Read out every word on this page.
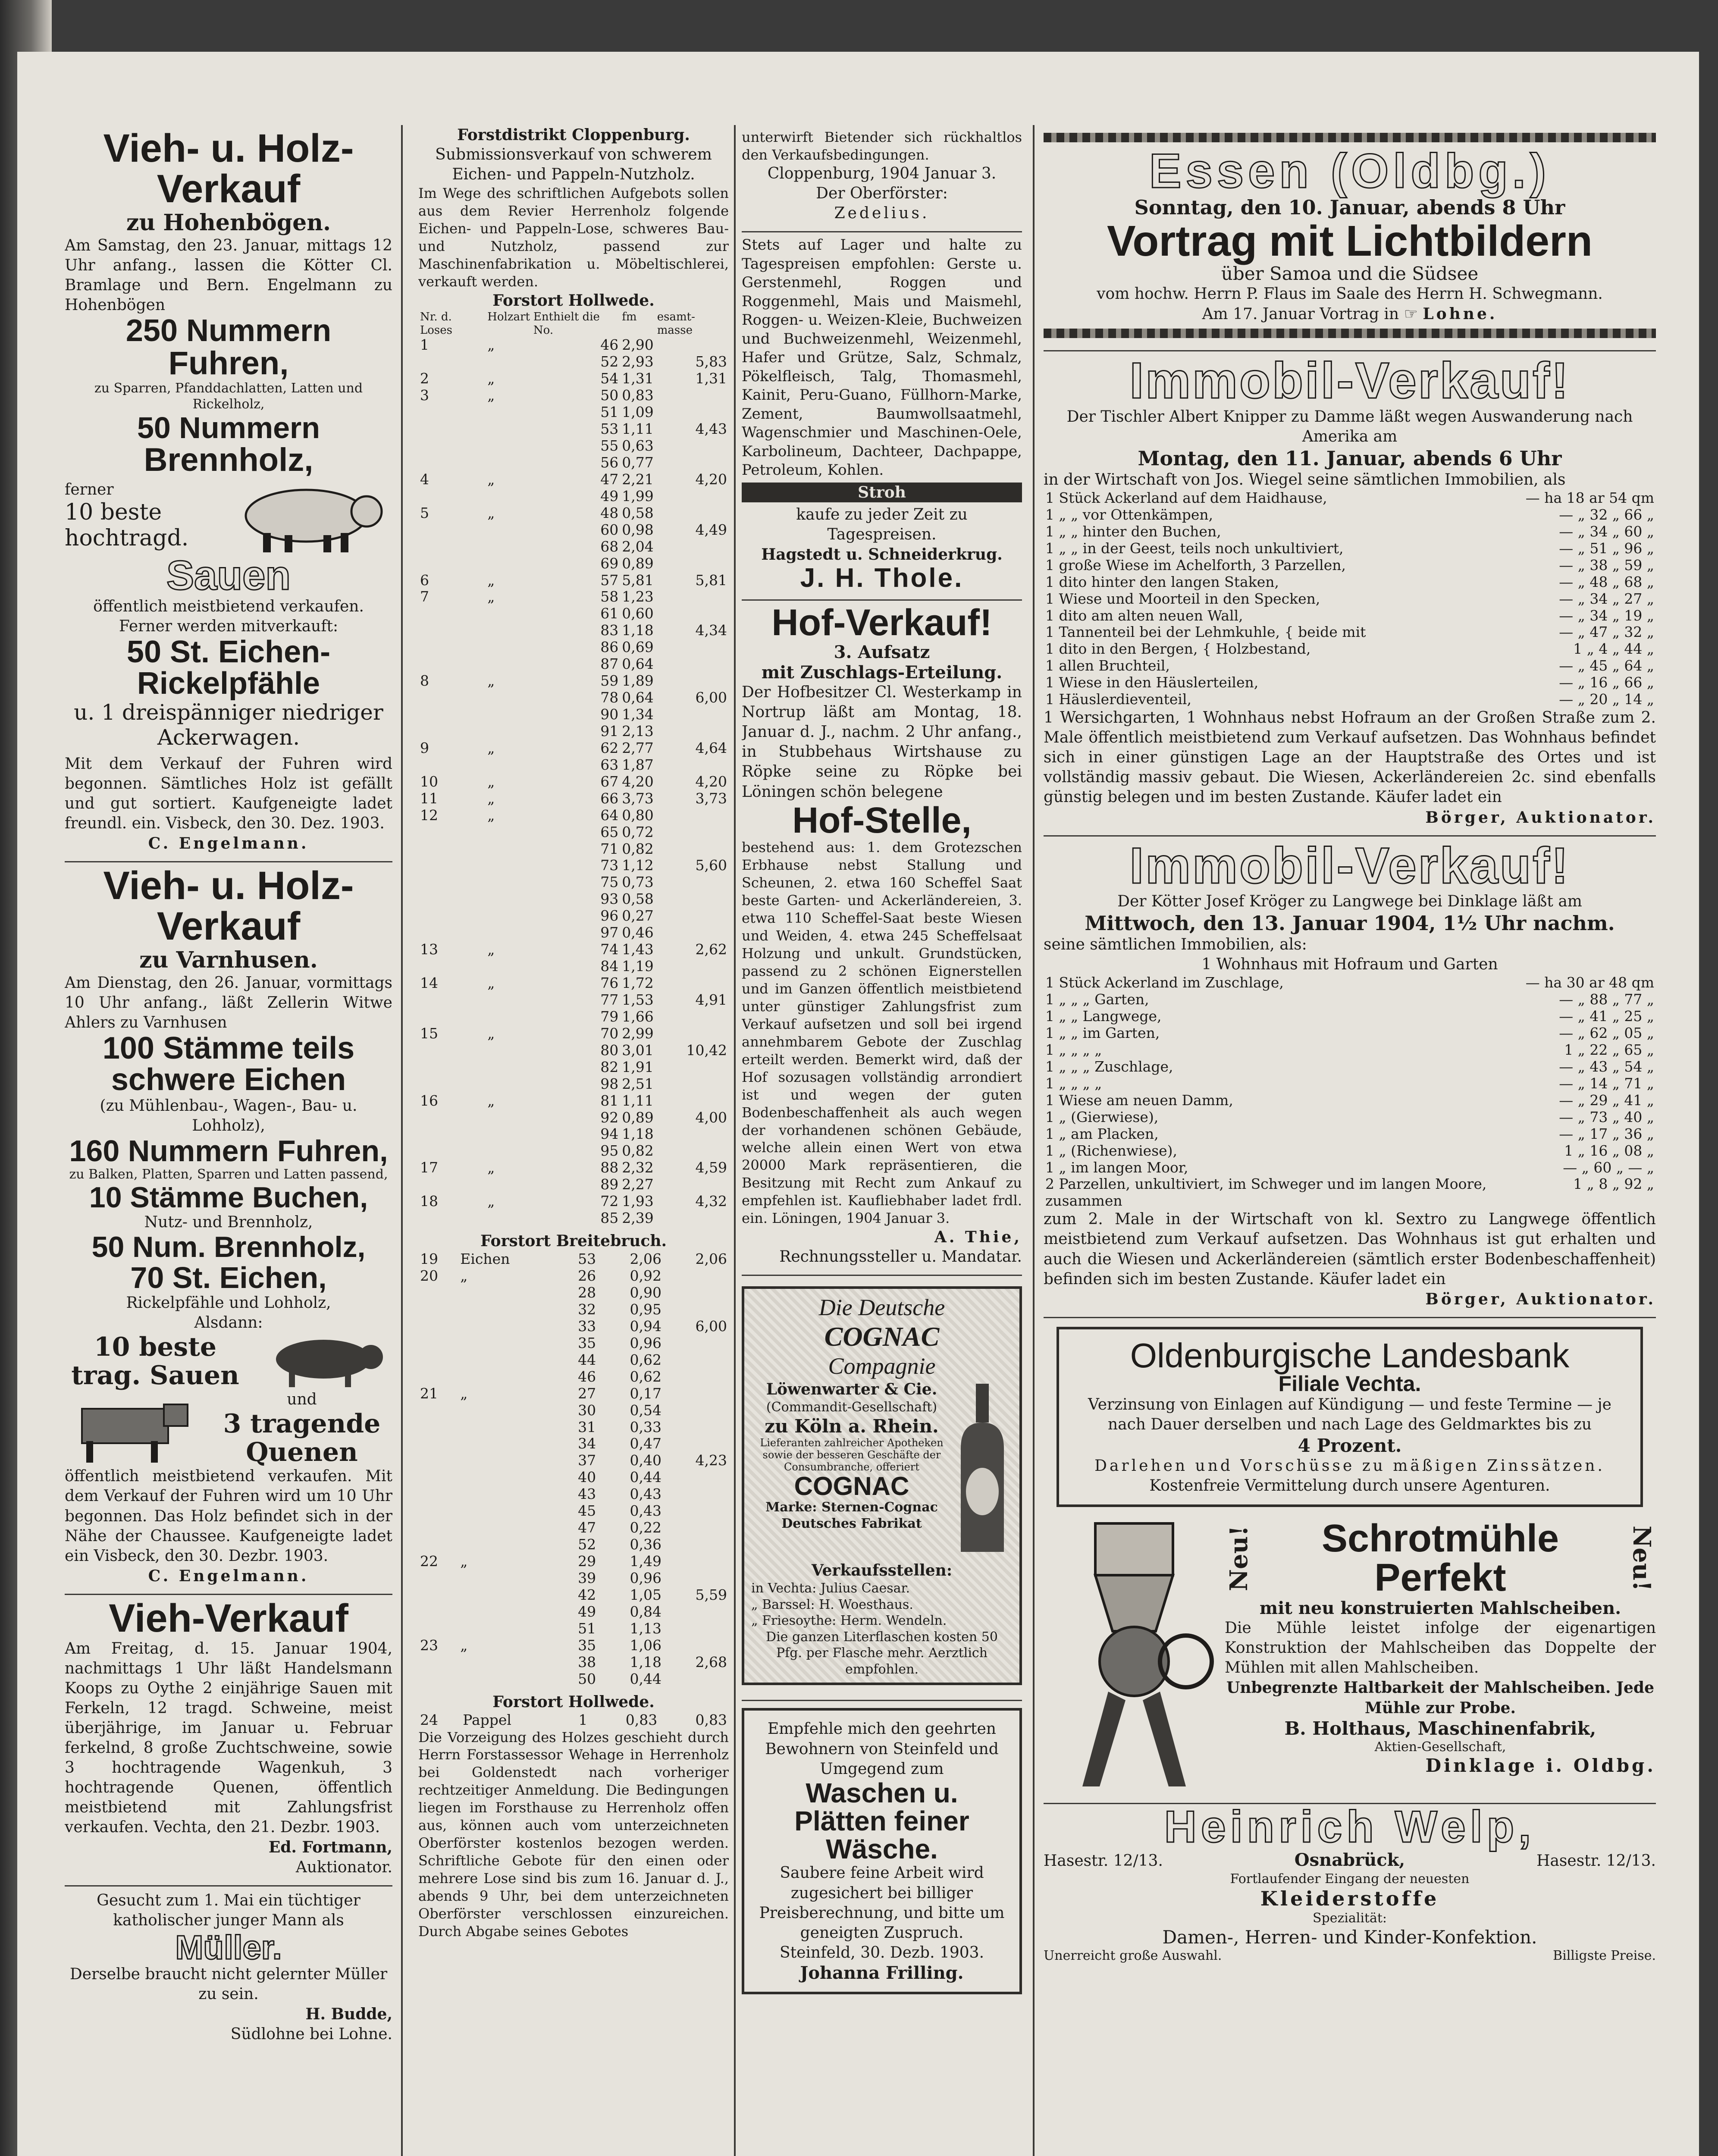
Vieh- u. Holz-Verkauf
zu Hohenbögen.
Am Samstag, den 23. Januar, mittags 12 Uhr anfang., lassen die Kötter Cl. Bramlage und Bern. Engelmann zu Hohenbögen
250 Nummern
Fuhren,
zu Sparren, Pfanddachlatten, Latten und Rickelholz,
50 Nummern
Brennholz,
ferner
10 beste hochtragd.
Sauen
öffentlich meistbietend verkaufen. Ferner werden mitverkauft:
50 St. Eichen-Rickelpfähle
u. 1 dreispänniger niedriger Ackerwagen.
Mit dem Verkauf der Fuhren wird begonnen. Sämtliches Holz ist gefällt und gut sortiert. Kaufgeneigte ladet freundl. ein. Visbeck, den 30. Dez. 1903.
C. Engelmann.
Vieh- u. Holz-Verkauf
zu Varnhusen.
Am Dienstag, den 26. Januar, vormittags 10 Uhr anfang., läßt Zellerin Witwe Ahlers zu Varnhusen
100 Stämme teils schwere Eichen
(zu Mühlenbau-, Wagen-, Bau- u. Lohholz),
160 Nummern Fuhren,
zu Balken, Platten, Sparren und Latten passend,
10 Stämme Buchen,
Nutz- und Brennholz,
50 Num. Brennholz,
70 St. Eichen,
Rickelpfähle und Lohholz,
Alsdann:
10 beste trag. Sauen
und
3 tragende Quenen
öffentlich meistbietend verkaufen. Mit dem Verkauf der Fuhren wird um 10 Uhr begonnen. Das Holz befindet sich in der Nähe der Chaussee. Kaufgeneigte ladet ein Visbeck, den 30. Dezbr. 1903.
C. Engelmann.
Vieh-Verkauf
Am Freitag, d. 15. Januar 1904, nachmittags 1 Uhr läßt Handelsmann Koops zu Oythe 2 einjährige Sauen mit Ferkeln, 12 tragd. Schweine, meist überjährige, im Januar u. Februar ferkelnd, 8 große Zuchtschweine, sowie 3 hochtragende Wagenkuh, 3 hochtragende Quenen, öffentlich meistbietend mit Zahlungsfrist verkaufen. Vechta, den 21. Dezbr. 1903.
Ed. Fortmann,
Auktionator.
Gesucht zum 1. Mai ein tüchtiger katholischer junger Mann als
Müller.
Derselbe braucht nicht gelernter Müller zu sein.
H. Budde,
Südlohne bei Lohne.
Forstdistrikt Cloppenburg.
Submissionsverkauf von schwerem Eichen- und Pappeln-Nutzholz.
Im Wege des schriftlichen Aufgebots sollen aus dem Revier Herrenholz folgende Eichen- und Pappeln-Lose, schweres Bau- und Nutzholz, passend zur Maschinenfabrikation u. Möbeltischlerei, verkauft werden.
Forstort Hollwede.
Nr. d. Loses	Holzart	Enthielt die No.	fm	esamt-masse
1	„	46	2,90	
		52	2,93	5,83
2	„	54	1,31	1,31
3	„	50	0,83	
		51	1,09	
		53	1,11	4,43
		55	0,63	
		56	0,77	
4	„	47	2,21	4,20
		49	1,99	
5	„	48	0,58	
		60	0,98	4,49
		68	2,04	
		69	0,89	
6	„	57	5,81	5,81
7	„	58	1,23	
		61	0,60	
		83	1,18	4,34
		86	0,69	
		87	0,64	
8	„	59	1,89	
		78	0,64	6,00
		90	1,34	
		91	2,13	
9	„	62	2,77	4,64
		63	1,87	
10	„	67	4,20	4,20
11	„	66	3,73	3,73
12	„	64	0,80	
		65	0,72	
		71	0,82	
		73	1,12	5,60
		75	0,73	
		93	0,58	
		96	0,27	
		97	0,46	
13	„	74	1,43	2,62
		84	1,19	
14	„	76	1,72	
		77	1,53	4,91
		79	1,66	
15	„	70	2,99	
		80	3,01	10,42
		82	1,91	
		98	2,51	
16	„	81	1,11	
		92	0,89	4,00
		94	1,18	
		95	0,82	
17	„	88	2,32	4,59
		89	2,27	
18	„	72	1,93	4,32
		85	2,39	
Forstort Breitebruch.
19	Eichen	53	2,06	2,06
20	„	26	0,92	
		28	0,90	
		32	0,95	
		33	0,94	6,00
		35	0,96	
		44	0,62	
		46	0,62	
21	„	27	0,17	
		30	0,54	
		31	0,33	
		34	0,47	
		37	0,40	4,23
		40	0,44	
		43	0,43	
		45	0,43	
		47	0,22	
		52	0,36	
22	„	29	1,49	
		39	0,96	
		42	1,05	5,59
		49	0,84	
		51	1,13	
23	„	35	1,06	
		38	1,18	2,68
		50	0,44	
Forstort Hollwede.
24	Pappel	1	0,83	0,83
Die Vorzeigung des Holzes geschieht durch Herrn Forstassessor Wehage in Herrenholz bei Goldenstedt nach vorheriger rechtzeitiger Anmeldung. Die Bedingungen liegen im Forsthause zu Herrenholz offen aus, können auch vom unterzeichneten Oberförster kostenlos bezogen werden. Schriftliche Gebote für den einen oder mehrere Lose sind bis zum 16. Januar d. J., abends 9 Uhr, bei dem unterzeichneten Oberförster verschlossen einzureichen. Durch Abgabe seines Gebotes
unterwirft Bietender sich rückhaltlos den Verkaufsbedingungen.
Cloppenburg, 1904 Januar 3.
Der Oberförster:
Zedelius.
Stets auf Lager und halte zu Tagespreisen empfohlen: Gerste u. Gerstenmehl, Roggen und Roggenmehl, Mais und Maismehl, Roggen- u. Weizen-Kleie, Buchweizen und Buchweizenmehl, Weizenmehl, Hafer und Grütze, Salz, Schmalz, Pökelfleisch, Talg, Thomasmehl, Kainit, Peru-Guano, Füllhorn-Marke, Zement, Baumwollsaatmehl, Wagenschmier und Maschinen-Oele, Karbolineum, Dachteer, Dachpappe, Petroleum, Kohlen.
Stroh
kaufe zu jeder Zeit zu Tagespreisen.
Hagstedt u. Schneiderkrug.
J. H. Thole.
Hof-Verkauf!
3. Aufsatz
mit Zuschlags-Erteilung.
Der Hofbesitzer Cl. Westerkamp in Nortrup läßt am Montag, 18. Januar d. J., nachm. 2 Uhr anfang., in Stubbehaus Wirtshause zu Röpke seine zu Röpke bei Löningen schön belegene
Hof-Stelle,
bestehend aus: 1. dem Grotezschen Erbhause nebst Stallung und Scheunen, 2. etwa 160 Scheffel Saat beste Garten- und Ackerländereien, 3. etwa 110 Scheffel-Saat beste Wiesen und Weiden, 4. etwa 245 Scheffelsaat Holzung und unkult. Grundstücken, passend zu 2 schönen Eignerstellen und im Ganzen öffentlich meistbietend unter günstiger Zahlungsfrist zum Verkauf aufsetzen und soll bei irgend annehmbarem Gebote der Zuschlag erteilt werden. Bemerkt wird, daß der Hof sozusagen vollständig arrondiert ist und wegen der guten Bodenbeschaffenheit als auch wegen der vorhandenen schönen Gebäude, welche allein einen Wert von etwa 20000 Mark repräsentieren, die Besitzung mit Recht zum Ankauf zu empfehlen ist. Kaufliebhaber ladet frdl. ein. Löningen, 1904 Januar 3.
A. Thie,
Rechnungssteller u. Mandatar.
Die Deutsche
COGNAC
Compagnie
Löwenwarter & Cie.
(Commandit-Gesellschaft)
zu Köln a. Rhein.
Lieferanten zahlreicher Apotheken sowie der besseren Geschäfte der Consumbranche, offeriert
COGNAC
Marke: Sternen-Cognac
Deutsches Fabrikat
Verkaufsstellen:
in Vechta: Julius Caesar.
„ Barssel: H. Woesthaus.
„ Friesoythe: Herm. Wendeln.
Die ganzen Literflaschen kosten 50 Pfg. per Flasche mehr. Aerztlich empfohlen.
Empfehle mich den geehrten Bewohnern von Steinfeld und Umgegend zum
Waschen u. Plätten feiner Wäsche.
Saubere feine Arbeit wird zugesichert bei billiger Preisberechnung, und bitte um geneigten Zuspruch.
Steinfeld, 30. Dezb. 1903.
Johanna Frilling.
Essen (Oldbg.)
Sonntag, den 10. Januar, abends 8 Uhr
Vortrag mit Lichtbildern
über Samoa und die Südsee
vom hochw. Herrn P. Flaus im Saale des Herrn H. Schwegmann.
Am 17. Januar Vortrag in ☞ Lohne.
Immobil-Verkauf!
Der Tischler Albert Knipper zu Damme läßt wegen Auswanderung nach Amerika am
Montag, den 11. Januar, abends 6 Uhr
in der Wirtschaft von Jos. Wiegel seine sämtlichen Immobilien, als
1 Stück Ackerland auf dem Haidhause,	— ha 18 ar 54 qm
1 „ „ vor Ottenkämpen,	— „ 32 „ 66 „
1 „ „ hinter den Buchen,	— „ 34 „ 60 „
1 „ „ in der Geest, teils noch unkultiviert,	— „ 51 „ 96 „
1 große Wiese im Achelforth, 3 Parzellen,	— „ 38 „ 59 „
1 dito hinter den langen Staken,	— „ 48 „ 68 „
1 Wiese und Moorteil in den Specken,	— „ 34 „ 27 „
1 dito am alten neuen Wall,	— „ 34 „ 19 „
1 Tannenteil bei der Lehmkuhle, { beide mit	— „ 47 „ 32 „
1 dito in den Bergen, { Holzbestand,	1 „ 4 „ 44 „
1 allen Bruchteil,	— „ 45 „ 64 „
1 Wiese in den Häuslerteilen,	— „ 16 „ 66 „
1 Häuslerdieventeil,	— „ 20 „ 14 „
1 Wersichgarten, 1 Wohnhaus nebst Hofraum an der Großen Straße zum 2. Male öffentlich meistbietend zum Verkauf aufsetzen. Das Wohnhaus befindet sich in einer günstigen Lage an der Hauptstraße des Ortes und ist vollständig massiv gebaut. Die Wiesen, Ackerländereien 2c. sind ebenfalls günstig belegen und im besten Zustande. Käufer ladet ein
Börger, Auktionator.
Immobil-Verkauf!
Der Kötter Josef Kröger zu Langwege bei Dinklage läßt am
Mittwoch, den 13. Januar 1904, 1½ Uhr nachm.
seine sämtlichen Immobilien, als:
1 Wohnhaus mit Hofraum und Garten
1 Stück Ackerland im Zuschlage,	— ha 30 ar 48 qm
1 „ „ „ Garten,	— „ 88 „ 77 „
1 „ „ Langwege,	— „ 41 „ 25 „
1 „ „ im Garten,	— „ 62 „ 05 „
1 „ „ „ „	1 „ 22 „ 65 „
1 „ „ „ Zuschlage,	— „ 43 „ 54 „
1 „ „ „ „	— „ 14 „ 71 „
1 Wiese am neuen Damm,	— „ 29 „ 41 „
1 „ (Gierwiese),	— „ 73 „ 40 „
1 „ am Placken,	— „ 17 „ 36 „
1 „ (Richenwiese),	1 „ 16 „ 08 „
1 „ im langen Moor,	— „ 60 „ — „
2 Parzellen, unkultiviert, im Schweger und im langen Moore, zusammen	1 „ 8 „ 92 „
zum 2. Male in der Wirtschaft von kl. Sextro zu Langwege öffentlich meistbietend zum Verkauf aufsetzen. Das Wohnhaus ist gut erhalten und auch die Wiesen und Ackerländereien (sämtlich erster Bodenbeschaffenheit) befinden sich im besten Zustande. Käufer ladet ein
Börger, Auktionator.
Oldenburgische Landesbank
Filiale Vechta.
Verzinsung von Einlagen auf Kündigung — und feste Termine — je nach Dauer derselben und nach Lage des Geldmarktes bis zu
4 Prozent.
Darlehen und Vorschüsse zu mäßigen Zinssätzen.
Kostenfreie Vermittelung durch unsere Agenturen.
Neu!	Schrotmühle Perfekt	Neu!
mit neu konstruierten Mahlscheiben.
Die Mühle leistet infolge der eigenartigen Konstruktion der Mahlscheiben das Doppelte der Mühlen mit allen Mahlscheiben.
Unbegrenzte Haltbarkeit der Mahlscheiben. Jede Mühle zur Probe.
B. Holthaus, Maschinenfabrik,
Aktien-Gesellschaft,
Dinklage i. Oldbg.
Heinrich Welp,
Hasestr. 12/13.	Osnabrück,	Hasestr. 12/13.
Fortlaufender Eingang der neuesten
Kleiderstoffe
Spezialität:
Damen-, Herren- und Kinder-Konfektion.
Unerreicht große Auswahl.	Billigste Preise.
